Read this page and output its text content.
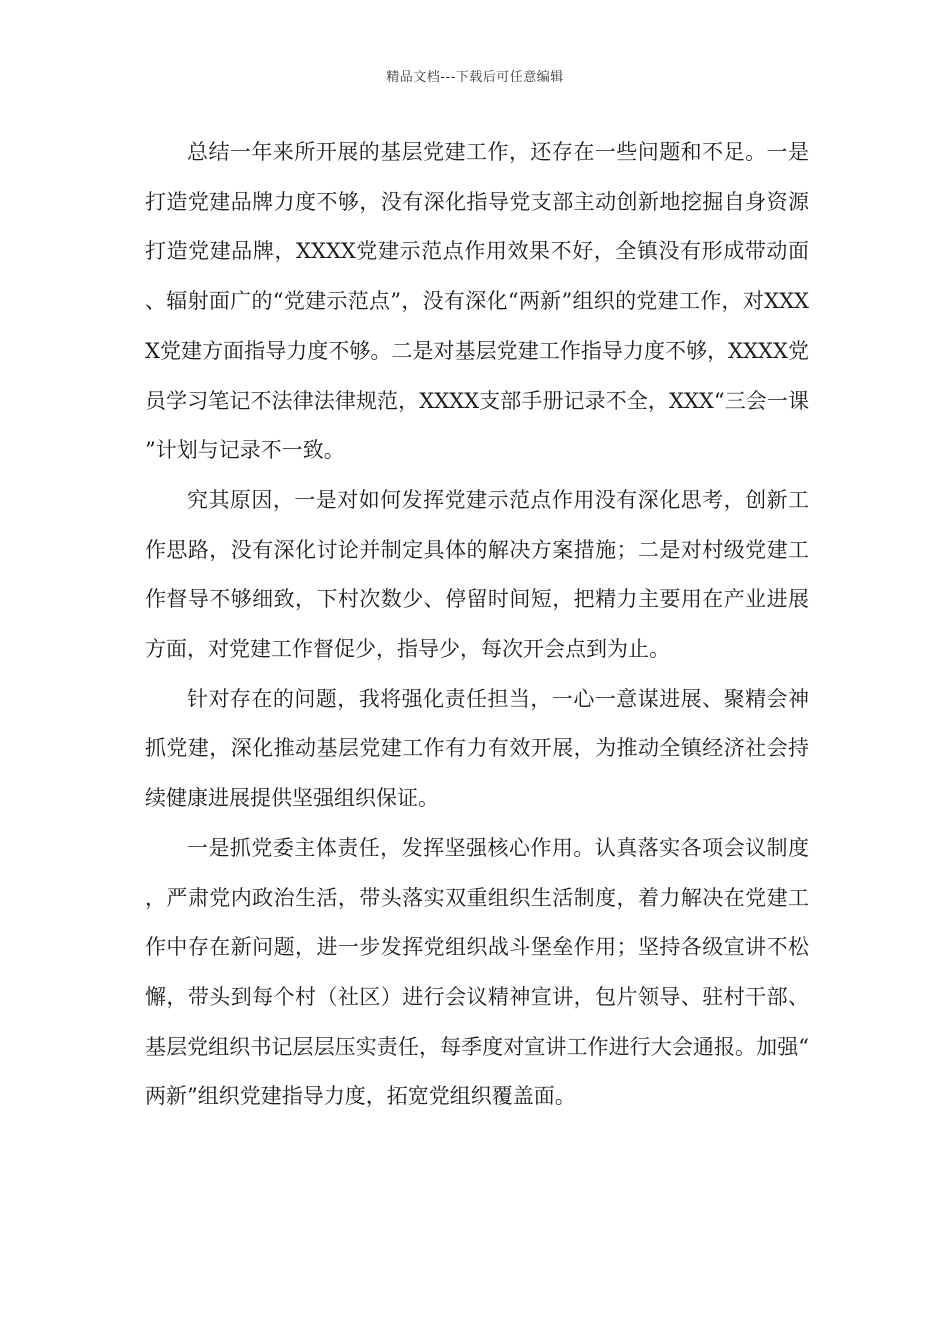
精品文档---下载后可任意编辑

总结一年来所开展的基层党建工作，还存在一些问题和不足。一是打造党建品牌力度不够，没有深化指导党支部主动创新地挖掘自身资源打造党建品牌，XXXX党建示范点作用效果不好，全镇没有形成带动面、辐射面广的“党建示范点”，没有深化“两新”组织的党建工作，对XXXX党建方面指导力度不够。二是对基层党建工作指导力度不够，XXXX党员学习笔记不法律法律规范，XXXX支部手册记录不全，XXX“三会一课”计划与记录不一致。

究其原因，一是对如何发挥党建示范点作用没有深化思考，创新工作思路，没有深化讨论并制定具体的解决方案措施；二是对村级党建工作督导不够细致，下村次数少、停留时间短，把精力主要用在产业进展方面，对党建工作督促少，指导少，每次开会点到为止。

针对存在的问题，我将强化责任担当，一心一意谋进展、聚精会神抓党建，深化推动基层党建工作有力有效开展，为推动全镇经济社会持续健康进展提供坚强组织保证。

一是抓党委主体责任，发挥坚强核心作用。认真落实各项会议制度，严肃党内政治生活，带头落实双重组织生活制度，着力解决在党建工作中存在新问题，进一步发挥党组织战斗堡垒作用；坚持各级宣讲不松懈，带头到每个村（社区）进行会议精神宣讲，包片领导、驻村干部、基层党组织书记层层压实责任，每季度对宣讲工作进行大会通报。加强“两新”组织党建指导力度，拓宽党组织覆盖面。
